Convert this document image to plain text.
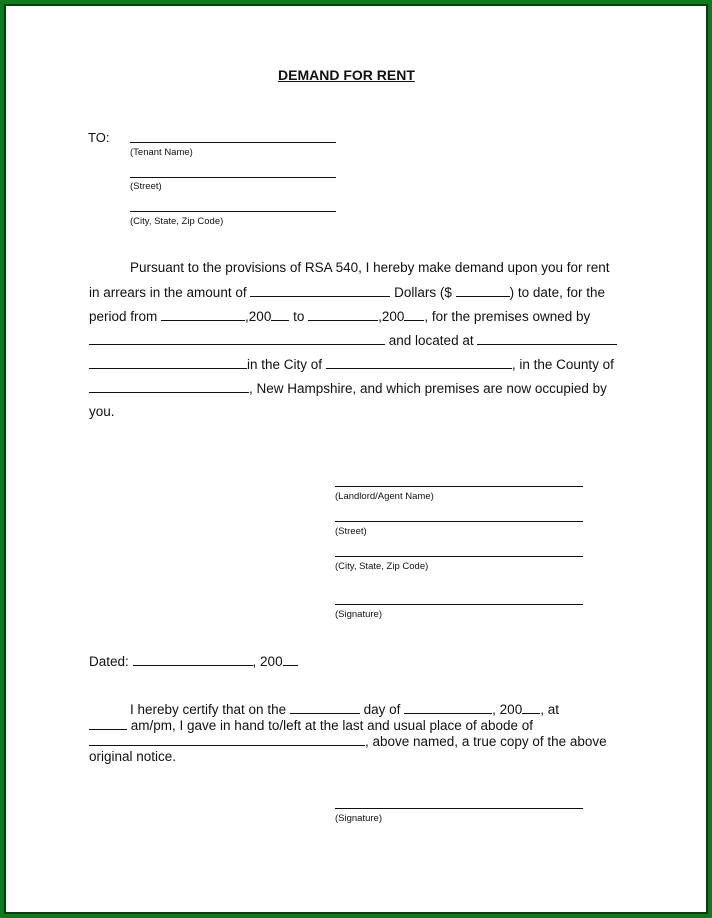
DEMAND FOR RENT
TO:
(Tenant Name)
(Street)
(City, State, Zip Code)
Pursuant to the provisions of RSA 540, I hereby make demand upon you for rent
in arrears in the amount of	Dollars ($	) to date, for the
period from	,200 to	,200 , for the premises owned by
and located at
in the City of	, in the County of
, New Hampshire, and which premises are now occupied by
you.
(Landlord/Agent Name)
(Street)
(City, State, Zip Code)
(Signature)
Dated:	, 200
I hereby certify that on the	day of	, 200 , at
am/pm, I gave in hand to/left at the last and usual place of abode of
, above named, a true copy of the above
original notice.
(Signature)
